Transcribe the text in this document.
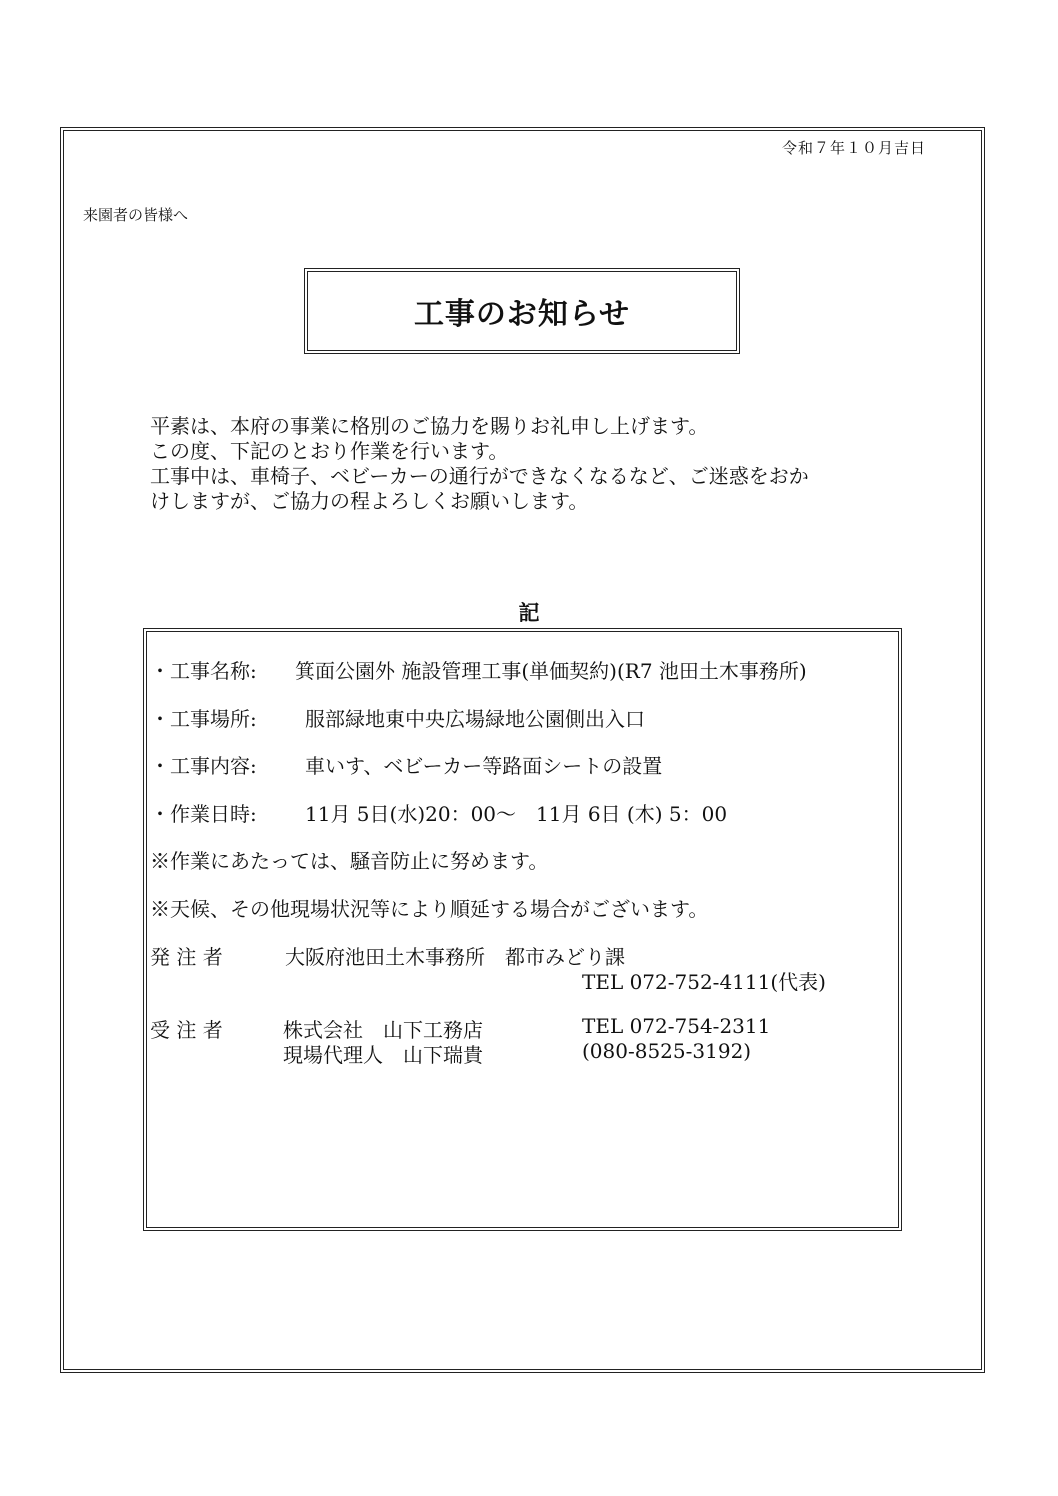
令和７年１０月吉日
来園者の皆様へ
工事のお知らせ

平素は、本府の事業に格別のご協力を賜りお礼申し上げます。

この度、下記のとおり作業を行います。

工事中は、車椅子、ベビーカーの通行ができなくなるなど、ご迷惑をおか

けしますが、ご協力の程よろしくお願いします。

記
・工事名称: 箕面公園外 施設管理工事(単価契約)(R7 池田土木事務所)
・工事場所: 服部緑地東中央広場緑地公園側出入口
・工事内容: 車いす、ベビーカー等路面シートの設置
・作業日時: 11月 5日(水)20：00～　11月 6日 (木) 5：00
※作業にあたっては、騒音防止に努めます。
※天候、その他現場状況等により順延する場合がございます。
発 注 者	大阪府池田土木事務所　都市みどり課
TEL 072-752-4111(代表)
受 注 者	株式会社　山下工務店	TEL 072-754-2311
現場代理人　山下瑞貴	(080-8525-3192)
